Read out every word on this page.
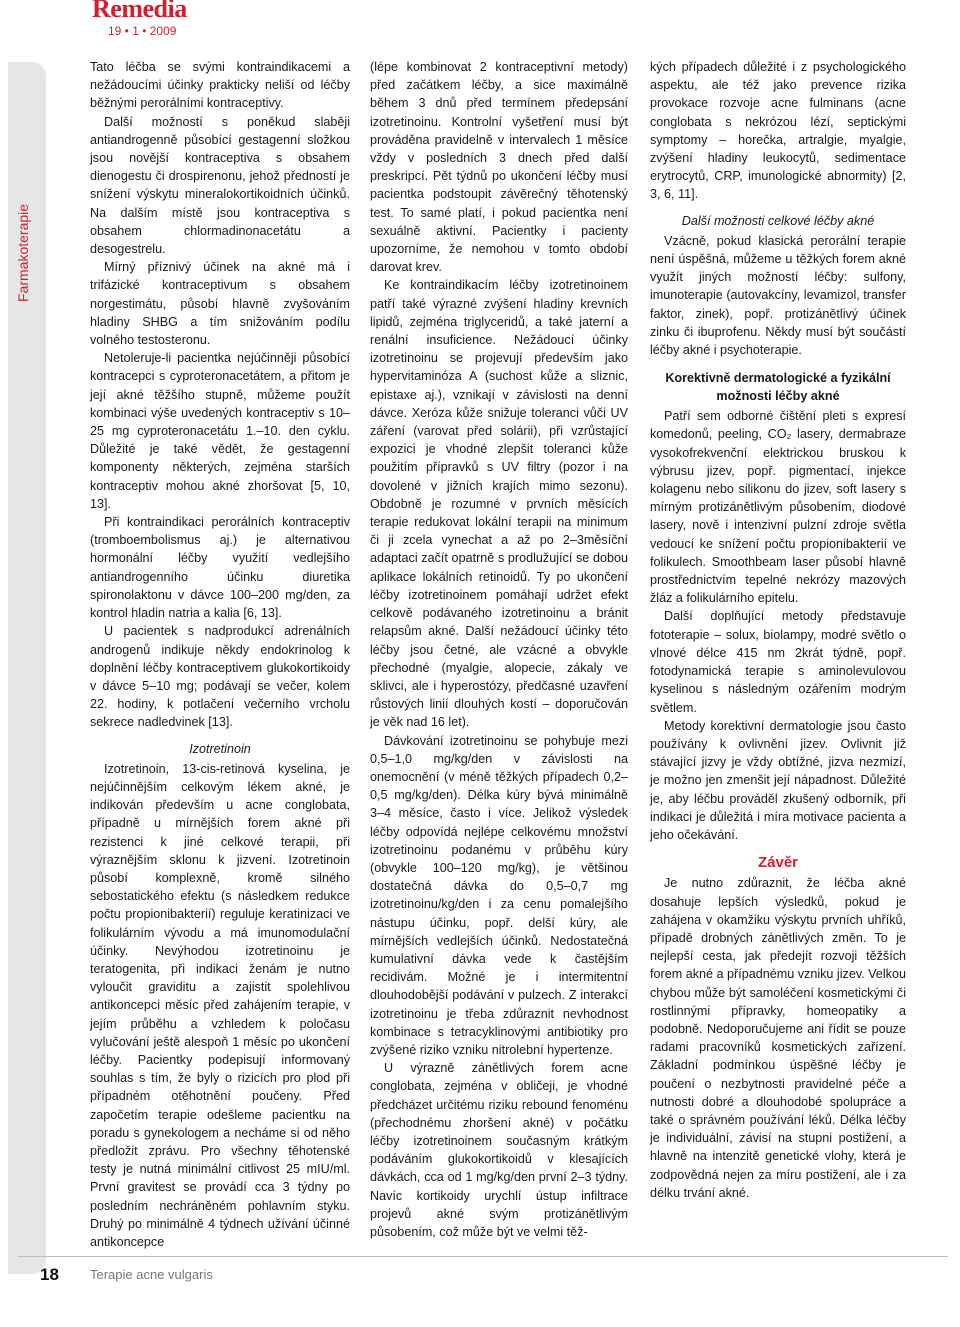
Remedia
19 • 1 • 2009
Farmakoterapie

Tato léčba se svými kontraindikacemi a nežádoucími účinky prakticky neliší od léčby běžnými perorálními kontraceptivy.

Další možností s poněkud slaběji antiandrogenně působící gestagenní složkou jsou novější kontraceptiva s obsahem dienogestu či drospirenonu, jehož předností je snížení výskytu mineralokortikoidních účinků. Na dalším místě jsou kontraceptiva s obsahem chlormadinonacetátu a desogestrelu.

Mírný příznivý účinek na akné má i trifázické kontraceptivum s obsahem norgestimátu, působí hlavně zvyšováním hladiny SHBG a tím snižováním podílu volného testosteronu.

Netoleruje-li pacientka nejúčinněji působící kontracepci s cyproteronacetátem, a přitom je její akné těžšího stupně, můžeme použít kombinaci výše uvedených kontraceptiv s 10–25 mg cyproteronacetátu 1.–10. den cyklu. Důležité je také vědět, že gestagenní komponenty některých, zejména starších kontraceptiv mohou akné zhoršovat [5, 10, 13].

Při kontraindikaci perorálních kontraceptiv (tromboembolismus aj.) je alternativou hormonální léčby využití vedlejšího antiandrogenního účinku diuretika spironolaktonu v dávce 100–200 mg/den, za kontrol hladin natria a kalia [6, 13].

U pacientek s nadprodukcí adrenálních androgenů indikuje někdy endokrinolog k doplnění léčby kontraceptivem glukokortikoidy v dávce 5–10 mg; podávají se večer, kolem 22. hodiny, k potlačení večerního vrcholu sekrece nadledvinek [13].

Izotretinoin

Izotretinoin, 13-cis-retinová kyselina, je nejúčinnějším celkovým lékem akné, je indikován především u acne conglobata, případně u mírnějších forem akné při rezistenci k jiné celkové terapii, při výraznějším sklonu k jizvení. Izotretinoin působí komplexně, kromě silného sebostatického efektu (s následkem redukce počtu propionibakterií) reguluje keratinizaci ve folikulárním vývodu a má imunomodulační účinky. Nevýhodou izotretinoinu je teratogenita, při indikaci ženám je nutno vyloučit graviditu a zajistit spolehlivou antikoncepci měsíc před zahájením terapie, v jejím průběhu a vzhledem k poločasu vylučování ještě alespoň 1 měsíc po ukončení léčby. Pacientky podepisují informovaný souhlas s tím, že byly o rizicích pro plod při případném otěhotnění poučeny. Před započetím terapie odešleme pacientku na poradu s gynekologem a necháme si od něho předložit zprávu. Pro všechny těhotenské testy je nutná minimální citlivost 25 mIU/ml. První gravitest se provádí cca 3 týdny po posledním nechráněném pohlavním styku. Druhý po minimálně 4 týdnech užívání účinné antikoncepce

(lépe kombinovat 2 kontraceptivní metody) před začátkem léčby, a sice maximálně během 3 dnů před termínem předepsání izotretinoinu. Kontrolní vyšetření musí být prováděna pravidelně v intervalech 1 měsíce vždy v posledních 3 dnech před další preskripcí. Pět týdnů po ukončení léčby musí pacientka podstoupit závěrečný těhotenský test. To samé platí, i pokud pacientka není sexuálně aktivní. Pacientky i pacienty upozorníme, že nemohou v tomto období darovat krev.

Ke kontraindikacím léčby izotretinoinem patří také výrazné zvýšení hladiny krevních lipidů, zejména triglyceridů, a také jaterní a renální insuficience. Nežádoucí účinky izotretinoinu se projevují především jako hypervitaminóza A (suchost kůže a sliznic, epistaxe aj.), vznikají v závislosti na denní dávce. Xeróza kůže snižuje toleranci vůči UV záření (varovat před solárii), při vzrůstající expozici je vhodné zlepšit toleranci kůže použitím přípravků s UV filtry (pozor i na dovolené v jižních krajích mimo sezonu). Obdobně je rozumné v prvních měsících terapie redukovat lokální terapii na minimum či ji zcela vynechat a až po 2–3měsíční adaptaci začít opatrně s prodlužující se dobou aplikace lokálních retinoidů. Ty po ukončení léčby izotretinoinem pomáhají udržet efekt celkově podávaného izotretinoinu a bránit relapsům akné. Další nežádoucí účinky této léčby jsou četné, ale vzácné a obvykle přechodné (myalgie, alopecie, zákaly ve sklivci, ale i hyperostózy, předčasné uzavření růstových linií dlouhých kostí – doporučován je věk nad 16 let).

Dávkování izotretinoinu se pohybuje mezi 0,5–1,0 mg/kg/den v závislosti na onemocnění (v méně těžkých případech 0,2–0,5 mg/kg/den). Délka kúry bývá minimálně 3–4 měsíce, často i více. Jelikož výsledek léčby odpovídá nejlépe celkovému množství izotretinoinu podanému v průběhu kúry (obvykle 100–120 mg/kg), je většinou dostatečná dávka do 0,5–0,7 mg izotretinoinu/kg/den i za cenu pomalejšího nástupu účinku, popř. delší kúry, ale mírnějších vedlejších účinků. Nedostatečná kumulativní dávka vede k častějším recidivám. Možné je i intermitentní dlouhodobější podávání v pulzech. Z interakcí izotretinoinu je třeba zdůraznit nevhodnost kombinace s tetracyklinovými antibiotiky pro zvýšené riziko vzniku nitrolební hypertenze.

U výrazně zánětlivých forem acne conglobata, zejména v obličeji, je vhodné předcházet určitému riziku rebound fenoménu (přechodnému zhoršení akné) v počátku léčby izotretinoinem současným krátkým podáváním glukokortikoidů v klesajících dávkách, cca od 1 mg/kg/den první 2–3 týdny. Navíc kortikoidy urychlí ústup infiltrace projevů akné svým protizánětlivým působením, což může být ve velmi těž-

kých případech důležité i z psychologického aspektu, ale též jako prevence rizika provokace rozvoje acne fulminans (acne conglobata s nekrózou lézí, septickými symptomy – horečka, artralgie, myalgie, zvýšení hladiny leukocytů, sedimentace erytrocytů, CRP, imunologické abnormity) [2, 3, 6, 11].

Další možnosti celkové léčby akné

Vzácně, pokud klasická perorální terapie není úspěšná, můžeme u těžkých forem akné využít jiných možností léčby: sulfony, imunoterapie (autovakcíny, levamizol, transfer faktor, zinek), popř. protizánětlivý účinek zinku či ibuprofenu. Někdy musí být součástí léčby akné i psychoterapie.

Korektivně dermatologické a fyzikální možnosti léčby akné

Patří sem odborné čištění pleti s expresí komedonů, peeling, CO₂ lasery, dermabraze vysokofrekvenční elektrickou bruskou k výbrusu jizev, popř. pigmentací, injekce kolagenu nebo silikonu do jizev, soft lasery s mírným protizánětlivým působením, diodové lasery, nově i intenzivní pulzní zdroje světla vedoucí ke snížení počtu propionibakterií ve folikulech. Smoothbeam laser působí hlavně prostřednictvím tepelné nekrózy mazových žláz a folikulárního epitelu.

Další doplňující metody představuje fototerapie – solux, biolampy, modré světlo o vlnové délce 415 nm 2krát týdně, popř. fotodynamická terapie s aminolevulovou kyselinou s následným ozářením modrým světlem.

Metody korektivní dermatologie jsou často používány k ovlivnění jizev. Ovlivnit již stávající jizvy je vždy obtížné, jizva nezmizí, je možno jen zmenšit její nápadnost. Důležité je, aby léčbu prováděl zkušený odborník, při indikaci je důležitá i míra motivace pacienta a jeho očekávání.

Závěr

Je nutno zdůraznit, že léčba akné dosahuje lepších výsledků, pokud je zahájena v okamžiku výskytu prvních uhříků, případě drobných zánětlivých změn. To je nejlepší cesta, jak předejít rozvoji těžších forem akné a případnému vzniku jizev. Velkou chybou může být samoléčení kosmetickými či rostlinnými přípravky, homeopatiky a podobně. Nedoporučujeme ani řídit se pouze radami pracovníků kosmetických zařízení. Základní podmínkou úspěšné léčby je poučení o nezbytnosti pravidelné péče a nutnosti dobré a dlouhodobé spolupráce a také o správném používání léků. Délka léčby je individuální, závisí na stupni postižení, a hlavně na intenzitě genetické vlohy, která je zodpovědná nejen za míru postižení, ale i za délku trvání akné.

18 Terapie acne vulgaris
